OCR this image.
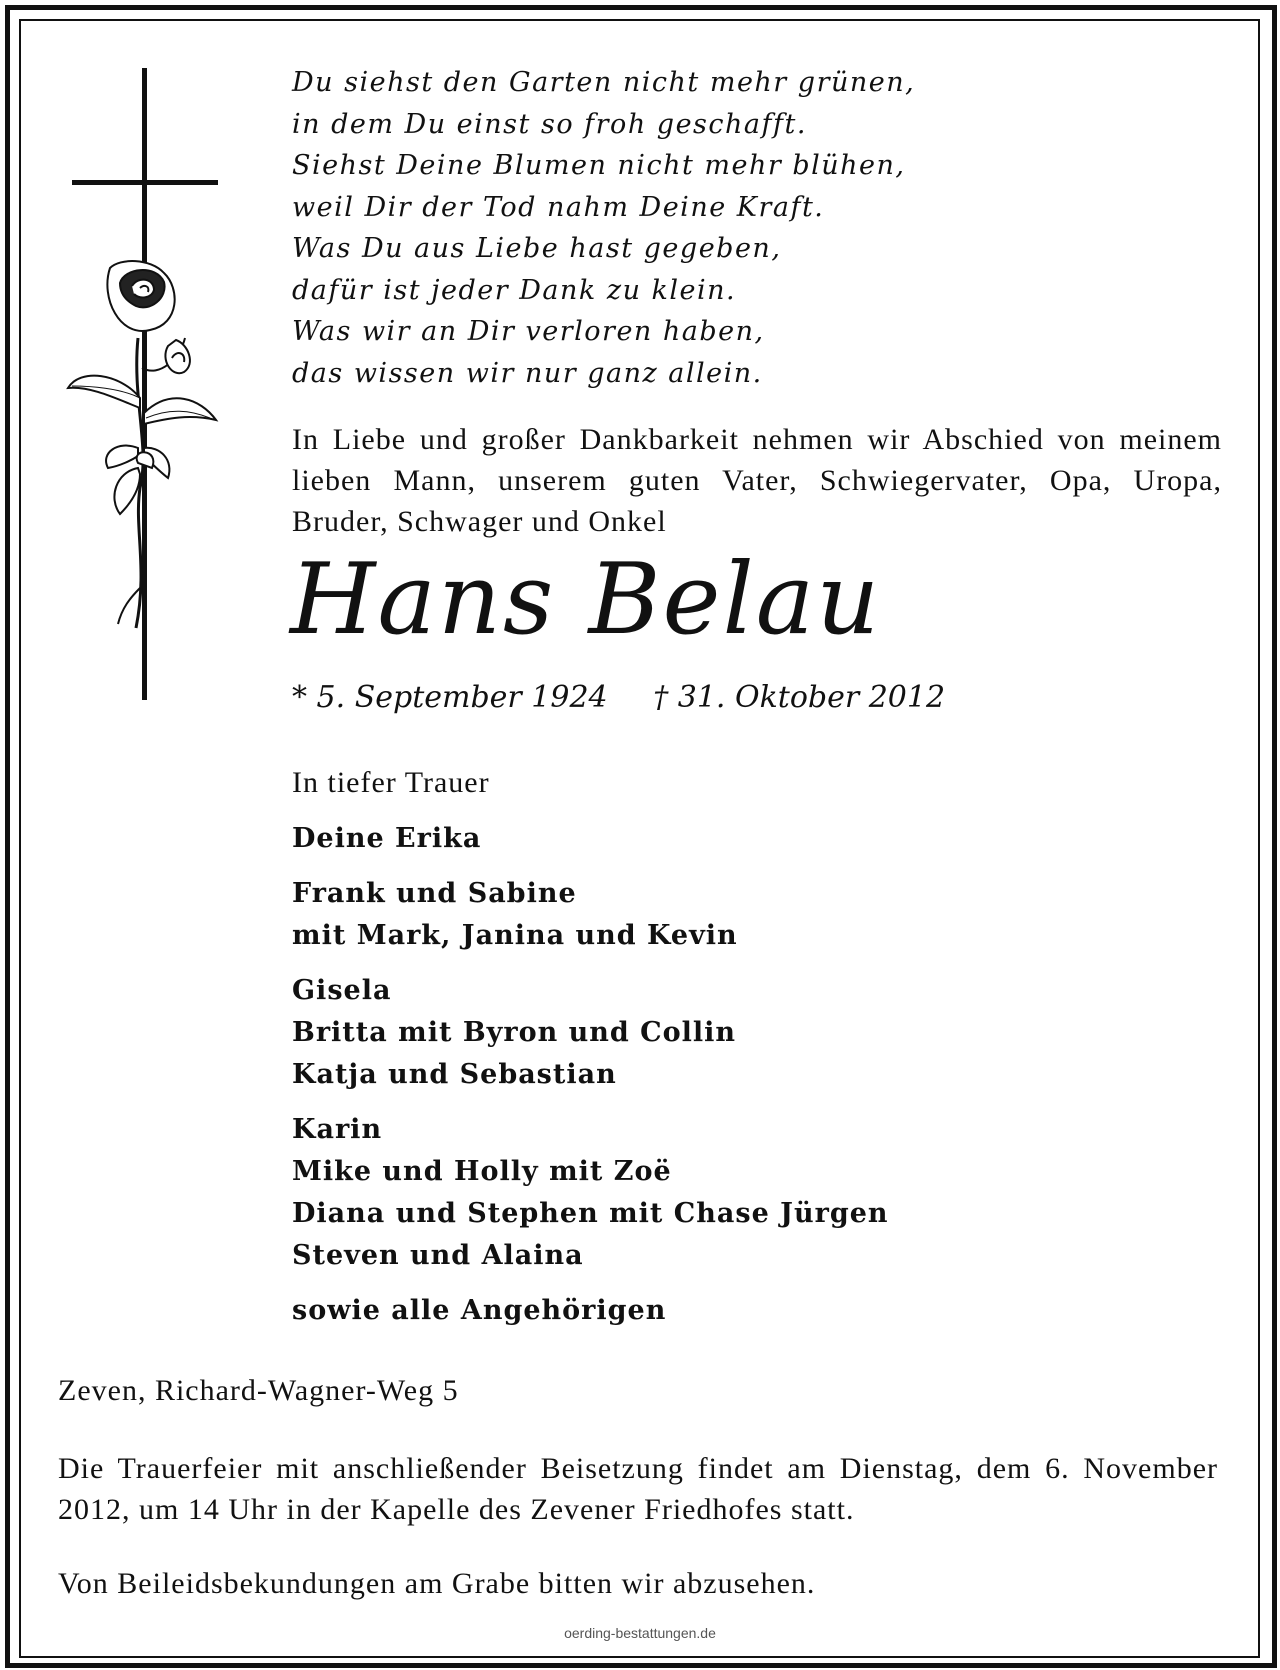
Du siehst den Garten nicht mehr grünen,
in dem Du einst so froh geschafft.
Siehst Deine Blumen nicht mehr blühen,
weil Dir der Tod nahm Deine Kraft.
Was Du aus Liebe hast gegeben,
dafür ist jeder Dank zu klein.
Was wir an Dir verloren haben,
das wissen wir nur ganz allein.
In Liebe und großer Dankbarkeit nehmen wir Abschied von meinem lieben Mann, unserem guten Vater, Schwiegervater, Opa, Uropa, Bruder, Schwager und Onkel
Hans Belau
* 5. September 1924 † 31. Oktober 2012
In tiefer Trauer
Deine Erika
Frank und Sabine
mit Mark, Janina und Kevin
Gisela
Britta mit Byron und Collin
Katja und Sebastian
Karin
Mike und Holly mit Zoë
Diana und Stephen mit Chase Jürgen
Steven und Alaina
sowie alle Angehörigen
Zeven, Richard-Wagner-Weg 5
Die Trauerfeier mit anschließender Beisetzung findet am Dienstag, dem 6. November 2012, um 14 Uhr in der Kapelle des Zevener Friedhofes statt.
Von Beileidsbekundungen am Grabe bitten wir abzusehen.
oerding-bestattungen.de
